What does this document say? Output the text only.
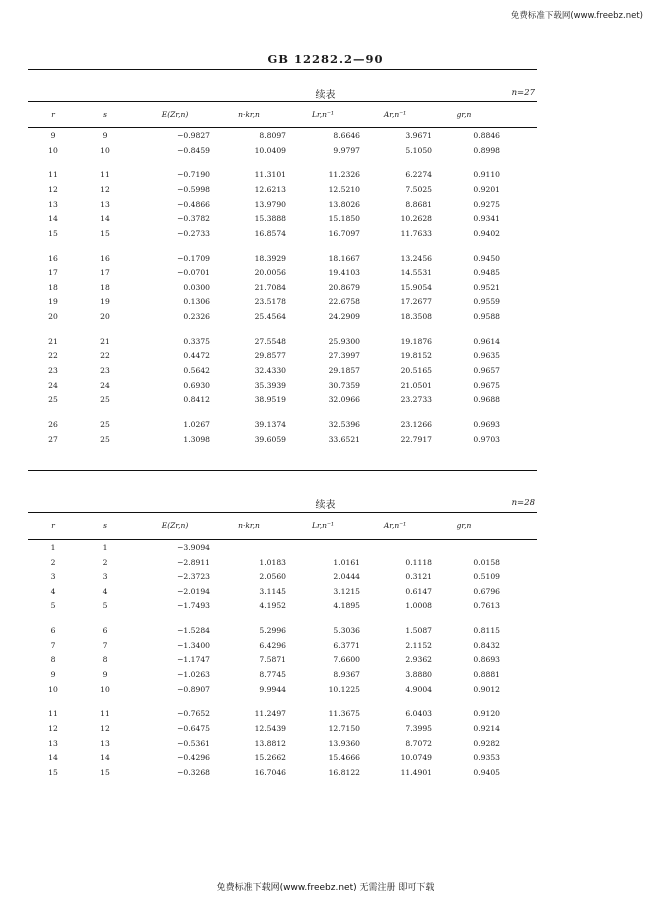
免费标准下载网(www.freebz.net)
GB 12282.2—90
续表	n=27
r	s	E(Zr,n)	n·kr,n	Lr,n⁻¹	Ar,n⁻¹	gr,n
9	9	−0.9827	8.8097	8.6646	3.9671	0.8846
10	10	−0.8459	10.0409	9.9797	5.1050	0.8998
11	11	−0.7190	11.3101	11.2326	6.2274	0.9110
12	12	−0.5998	12.6213	12.5210	7.5025	0.9201
13	13	−0.4866	13.9790	13.8026	8.8681	0.9275
14	14	−0.3782	15.3888	15.1850	10.2628	0.9341
15	15	−0.2733	16.8574	16.7097	11.7633	0.9402
16	16	−0.1709	18.3929	18.1667	13.2456	0.9450
17	17	−0.0701	20.0056	19.4103	14.5531	0.9485
18	18	0.0300	21.7084	20.8679	15.9054	0.9521
19	19	0.1306	23.5178	22.6758	17.2677	0.9559
20	20	0.2326	25.4564	24.2909	18.3508	0.9588
21	21	0.3375	27.5548	25.9300	19.1876	0.9614
22	22	0.4472	29.8577	27.3997	19.8152	0.9635
23	23	0.5642	32.4330	29.1857	20.5165	0.9657
24	24	0.6930	35.3939	30.7359	21.0501	0.9675
25	25	0.8412	38.9519	32.0966	23.2733	0.9688
26	25	1.0267	39.1374	32.5396	23.1266	0.9693
27	25	1.3098	39.6059	33.6521	22.7917	0.9703
续表	n=28
r	s	E(Zr,n)	n·kr,n	Lr,n⁻¹	Ar,n⁻¹	gr,n
1	1	−3.9094
2	2	−2.8911	1.0183	1.0161	0.1118	0.0158
3	3	−2.3723	2.0560	2.0444	0.3121	0.5109
4	4	−2.0194	3.1145	3.1215	0.6147	0.6796
5	5	−1.7493	4.1952	4.1895	1.0008	0.7613
6	6	−1.5284	5.2996	5.3036	1.5087	0.8115
7	7	−1.3400	6.4296	6.3771	2.1152	0.8432
8	8	−1.1747	7.5871	7.6600	2.9362	0.8693
9	9	−1.0263	8.7745	8.9367	3.8880	0.8881
10	10	−0.8907	9.9944	10.1225	4.9004	0.9012
11	11	−0.7652	11.2497	11.3675	6.0403	0.9120
12	12	−0.6475	12.5439	12.7150	7.3995	0.9214
13	13	−0.5361	13.8812	13.9360	8.7072	0.9282
14	14	−0.4296	15.2662	15.4666	10.0749	0.9353
15	15	−0.3268	16.7046	16.8122	11.4901	0.9405
免费标准下载网(www.freebz.net) 无需注册 即可下载
